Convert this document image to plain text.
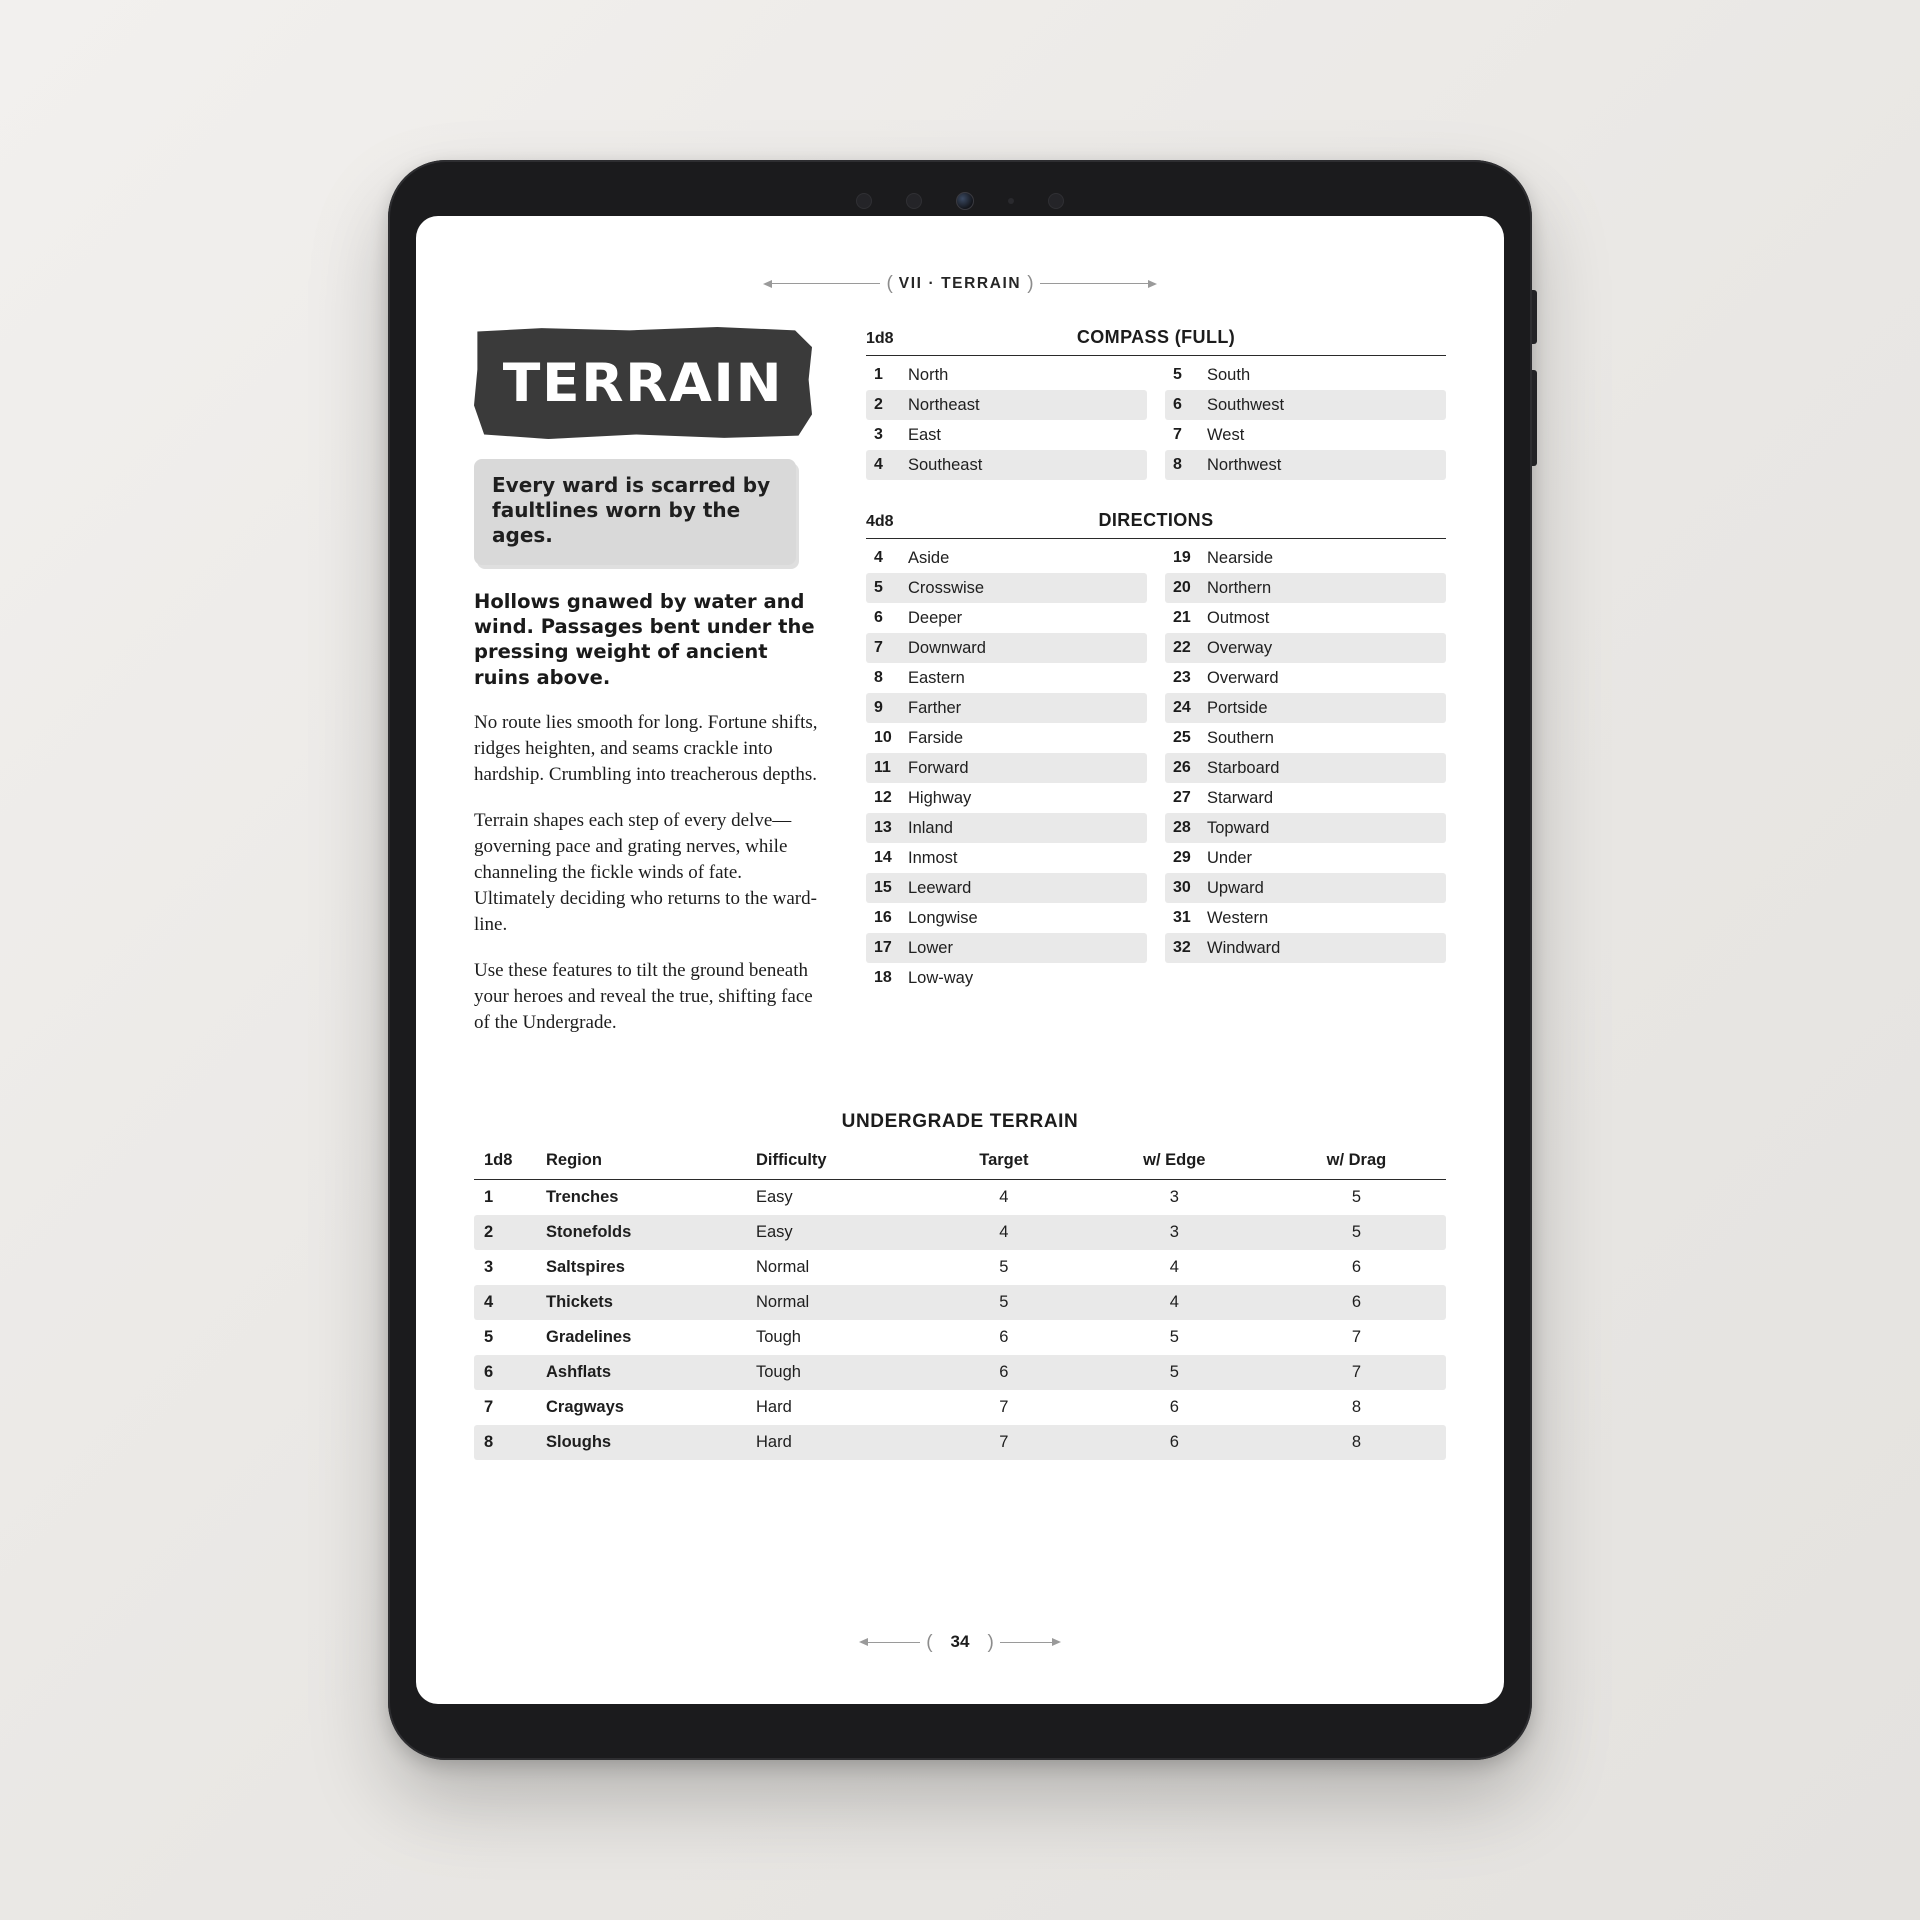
( VII · TERRAIN )
TERRAIN
Every ward is scarred by faultlines worn by the ages.

Hollows gnawed by water and wind. Passages bent under the pressing weight of ancient ruins above.

No route lies smooth for long. Fortune shifts, ridges heighten, and seams crackle into hardship. Crumbling into treacherous depths.

Terrain shapes each step of every delve—governing pace and grating nerves, while channeling the fickle winds of fate. Ultimately deciding who returns to the ward-line.

Use these features to tilt the ground beneath your heroes and reveal the true, shifting face of the Undergrade.

1d8	COMPASS (FULL)
1	North
2	Northeast
3	East
4	Southeast
5	South
6	Southwest
7	West
8	Northwest
4d8	DIRECTIONS
4	Aside
5	Crosswise
6	Deeper
7	Downward
8	Eastern
9	Farther
10 Farside
11	Forward
12 Highway
13 Inland
14 Inmost
15 Leeward
16 Longwise
17 Lower
18 Low-way
19 Nearside
20 Northern
21 Outmost
22 Overway
23 Overward
24 Portside
25 Southern
26 Starboard
27 Starward
28 Topward
29 Under
30 Upward
31 Western
32 Windward
UNDERGRADE TERRAIN
1d8	Region	Difficulty	Target	w/ Edge	w/ Drag
1	Trenches	Easy	4	3	5
2	Stonefolds	Easy	4	3	5
3	Saltspires	Normal	5	4	6
4	Thickets	Normal	5	4	6
5	Gradelines	Tough	6	5	7
6	Ashflats	Tough	6	5	7
7	Cragways	Hard	7	6	8
8	Sloughs	Hard	7	6	8
(	34 )
